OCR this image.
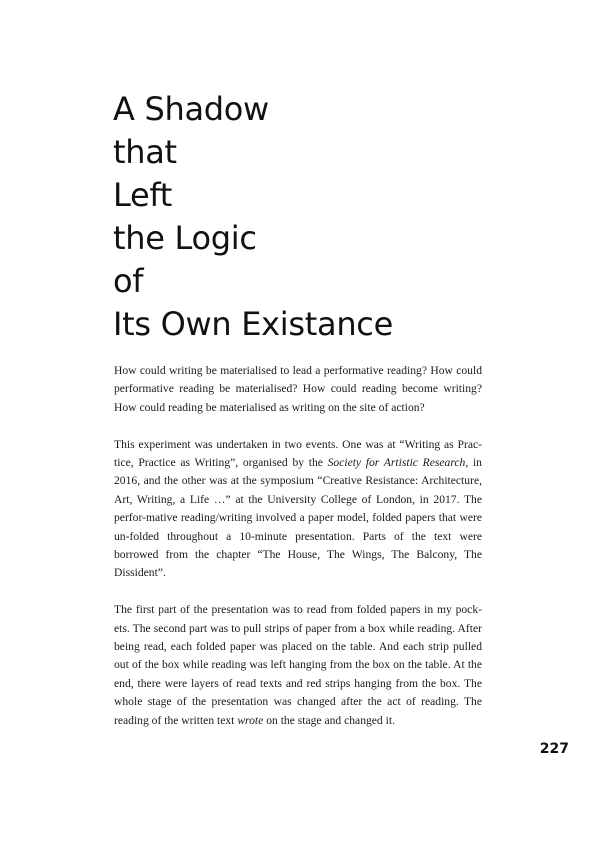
A Shadow
that
Left
the Logic
of
Its Own Existance

How could writing be materialised to lead a performative reading? How could performative reading be materialised? How could reading become writing? How could reading be materialised as writing on the site of action?

This experiment was undertaken in two events. One was at “Writing as Prac-tice, Practice as Writing”, organised by the Society for Artistic Research, in 2016, and the other was at the symposium “Creative Resistance: Architecture, Art, Writing, a Life …” at the University College of London, in 2017. The perfor-mative reading/writing involved a paper model, folded papers that were un-folded throughout a 10-minute presentation. Parts of the text were borrowed from the chapter “The House, The Wings, The Balcony, The Dissident”.

The first part of the presentation was to read from folded papers in my pock-ets. The second part was to pull strips of paper from a box while reading. After being read, each folded paper was placed on the table. And each strip pulled out of the box while reading was left hanging from the box on the table. At the end, there were layers of read texts and red strips hanging from the box. The whole stage of the presentation was changed after the act of reading. The reading of the written text wrote on the stage and changed it.

227
